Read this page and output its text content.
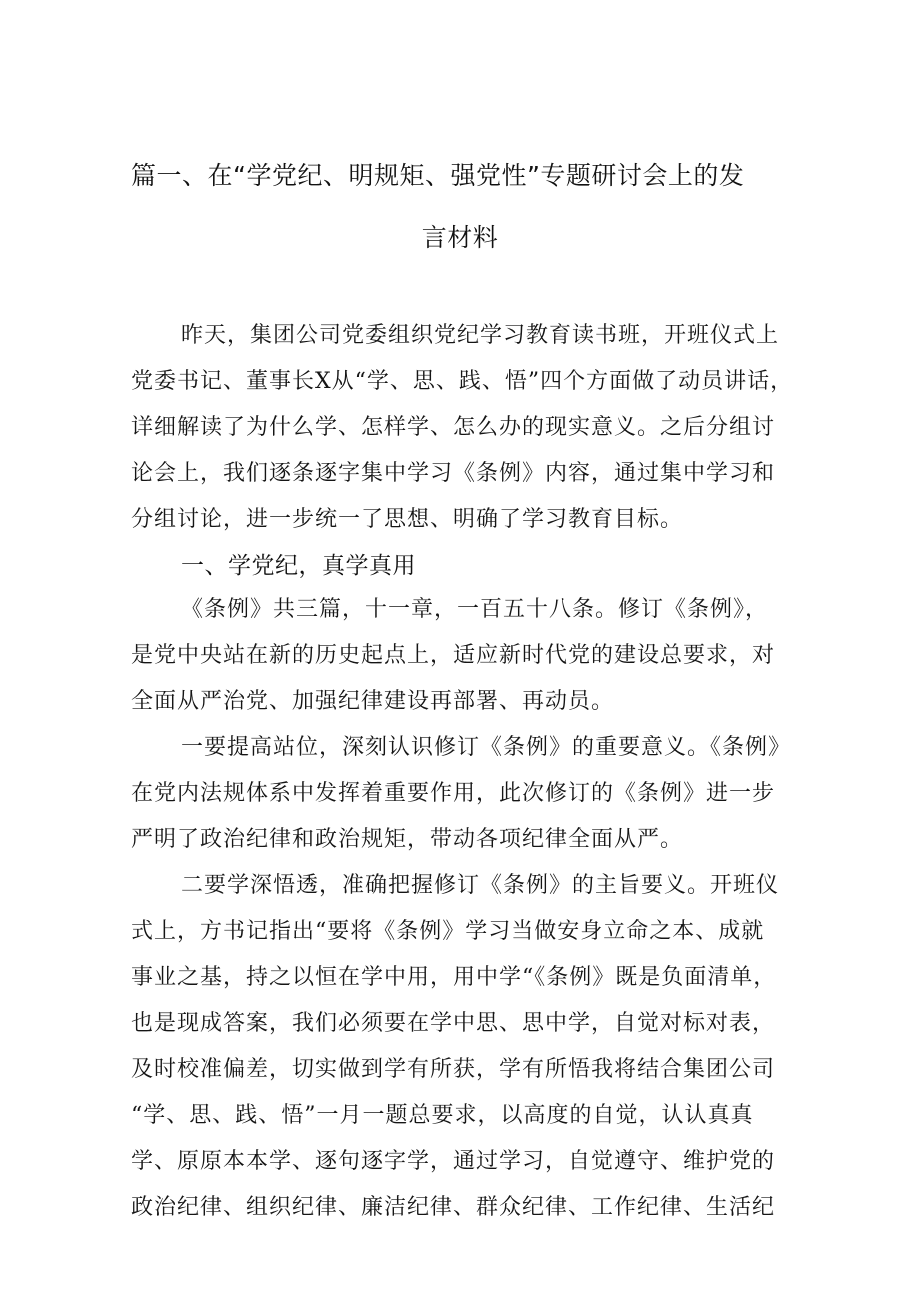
篇一、在“学党纪、明规矩、强党性”专题研讨会上的发
言材料
昨天，集团公司党委组织党纪学习教育读书班，开班仪式上
党委书记、董事长X从“学、思、践、悟”四个方面做了动员讲话，
详细解读了为什么学、怎样学、怎么办的现实意义。之后分组讨
论会上，我们逐条逐字集中学习《条例》内容，通过集中学习和
分组讨论，进一步统一了思想、明确了学习教育目标。
一、学党纪，真学真用
《条例》共三篇，十一章，一百五十八条。修订《条例》，
是党中央站在新的历史起点上，适应新时代党的建设总要求，对
全面从严治党、加强纪律建设再部署、再动员。
一要提高站位，深刻认识修订《条例》的重要意义。《条例》
在党内法规体系中发挥着重要作用，此次修订的《条例》进一步
严明了政治纪律和政治规矩，带动各项纪律全面从严。
二要学深悟透，准确把握修订《条例》的主旨要义。开班仪
式上，方书记指出“要将《条例》学习当做安身立命之本、成就
事业之基，持之以恒在学中用，用中学“《条例》既是负面清单，
也是现成答案，我们必须要在学中思、思中学，自觉对标对表，
及时校准偏差，切实做到学有所获，学有所悟我将结合集团公司
“学、思、践、悟”一月一题总要求，以高度的自觉，认认真真
学、原原本本学、逐句逐字学，通过学习，自觉遵守、维护党的
政治纪律、组织纪律、廉洁纪律、群众纪律、工作纪律、生活纪
